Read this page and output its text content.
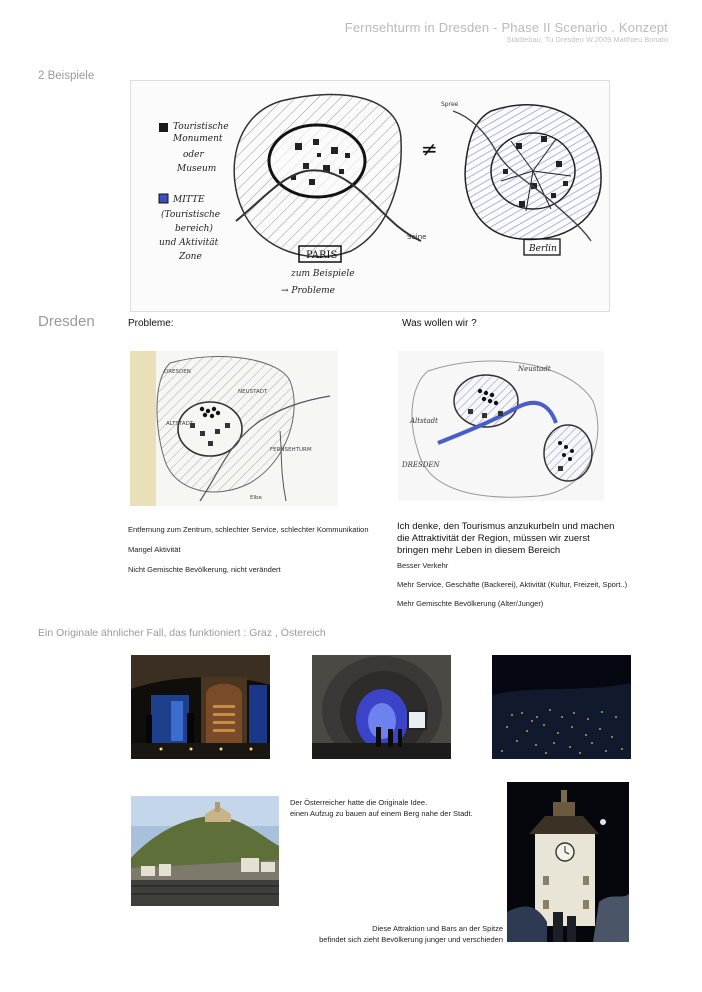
Fernsehturm in Dresden - Phase II Scenario . Konzept
Städtebau, Tu Dresden W.2009 Matthieu Bonato
2 Beispiele
Seine
Touristische Monument oder Museum
MITTE (Touristische bereich) und Aktivität Zone
≠
PARIS
zum Beispiele → Probleme
Spree
Berlin
Dresden	Probleme:	Was wollen wir ?
DRESDEN NEUSTADT ALTSTADT FERNSEHTURM Elbe
Neustadt Altstadt DRESDEN

Entfernung zum Zentrum, schlechter Service, schlechter Kommunikation

Mangel Aktivität

Nicht Gemischte Bevölkerung, nicht verändert

Ich denke, den Tourismus anzukurbeln und machen die Attraktivität der Region, müssen wir zuerst bringen mehr Leben in diesem Bereich

Besser Verkehr

Mehr Service, Geschäfte (Backerei), Aktivität (Kultur, Freizeit, Sport..)

Mehr Gemischte Bevölkerung (Alter/Junger)

Ein Originale ähnlicher Fall, das funktioniert : Graz , Östereich

Der Österreicher hatte die Originale Idee.

einen Aufzug zu bauen auf einem Berg nahe der Stadt.

Diese Attraktion und Bars an der Spitze

befindet sich zieht Bevölkerung junger und verschieden
